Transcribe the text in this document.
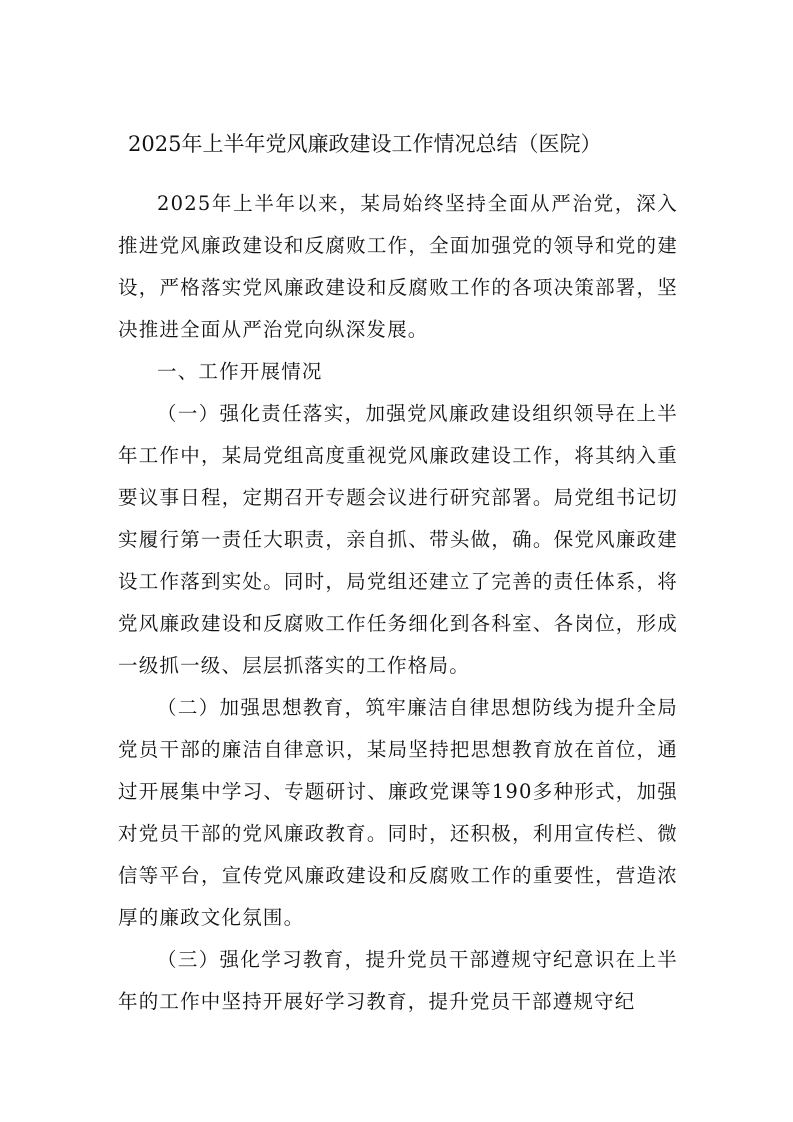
2025年上半年党风廉政建设工作情况总结（医院）

2025年上半年以来，某局始终坚持全面从严治党，深入推进党风廉政建设和反腐败工作，全面加强党的领导和党的建设，严格落实党风廉政建设和反腐败工作的各项决策部署，坚决推进全面从严治党向纵深发展。

一、工作开展情况

（一）强化责任落实，加强党风廉政建设组织领导在上半年工作中，某局党组高度重视党风廉政建设工作，将其纳入重要议事日程，定期召开专题会议进行研究部署。局党组书记切实履行第一责任大职责，亲自抓、带头做，确。保党风廉政建设工作落到实处。同时，局党组还建立了完善的责任体系，将党风廉政建设和反腐败工作任务细化到各科室、各岗位，形成一级抓一级、层层抓落实的工作格局。

（二）加强思想教育，筑牢廉洁自律思想防线为提升全局党员干部的廉洁自律意识，某局坚持把思想教育放在首位，通过开展集中学习、专题研讨、廉政党课等190多种形式，加强对党员干部的党风廉政教育。同时，还积极，利用宣传栏、微信等平台，宣传党风廉政建设和反腐败工作的重要性，营造浓厚的廉政文化氛围。

（三）强化学习教育，提升党员干部遵规守纪意识在上半年的工作中坚持开展好学习教育，提升党员干部遵规守纪
